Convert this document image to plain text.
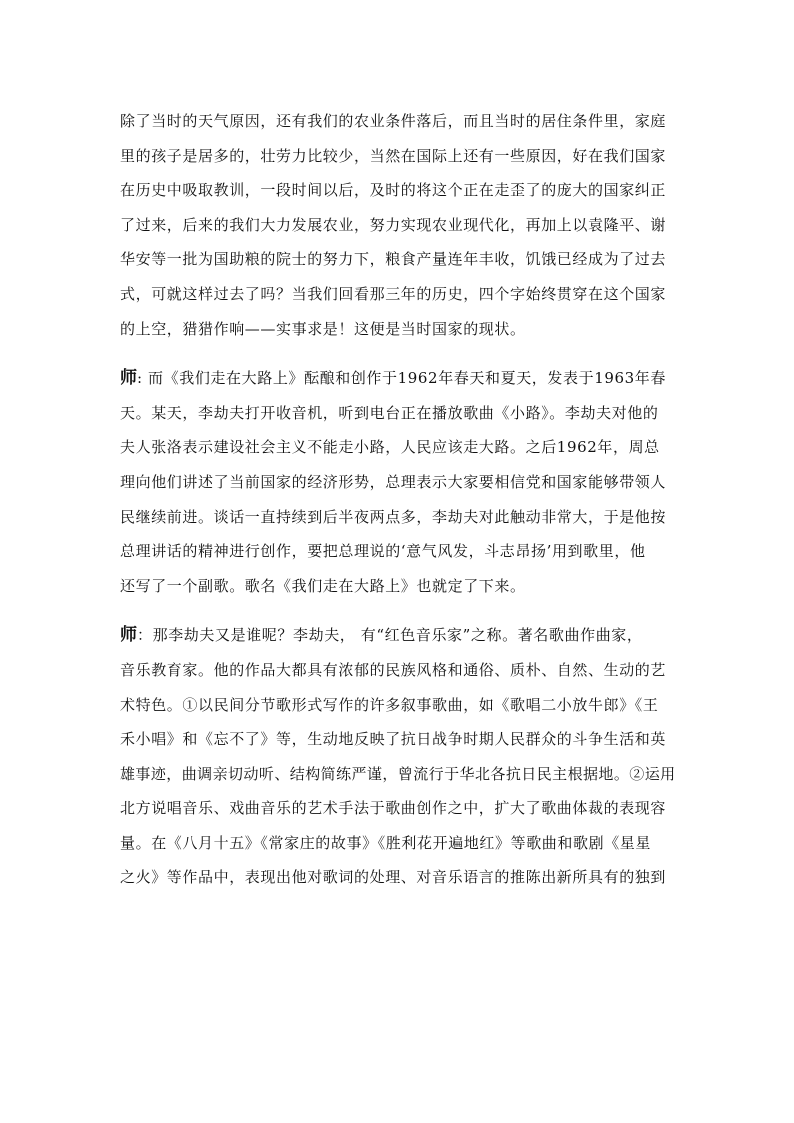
除了当时的天气原因，还有我们的农业条件落后，而且当时的居住条件里，家庭
里的孩子是居多的，壮劳力比较少，当然在国际上还有一些原因，好在我们国家
在历史中吸取教训，一段时间以后，及时的将这个正在走歪了的庞大的国家纠正
了过来，后来的我们大力发展农业，努力实现农业现代化，再加上以袁隆平、谢
华安等一批为国助粮的院士的努力下，粮食产量连年丰收，饥饿已经成为了过去
式，可就这样过去了吗？当我们回看那三年的历史，四个字始终贯穿在这个国家
的上空，猎猎作响——实事求是！这便是当时国家的现状。
师: 而《我们走在大路上》酝酿和创作于1962年春天和夏天，发表于1963年春
天。某天，李劫夫打开收音机，听到电台正在播放歌曲《小路》。李劫夫对他的
夫人张洛表示建设社会主义不能走小路，人民应该走大路。之后1962年，周总
理向他们讲述了当前国家的经济形势，总理表示大家要相信党和国家能够带领人
民继续前进。谈话一直持续到后半夜两点多，李劫夫对此触动非常大，于是他按
总理讲话的精神进行创作，要把总理说的‘意气风发，斗志昂扬’用到歌里，他
还写了一个副歌。歌名《我们走在大路上》也就定了下来。
师：那李劫夫又是谁呢？李劫夫， 有“红色音乐家”之称。著名歌曲作曲家，
音乐教育家。他的作品大都具有浓郁的民族风格和通俗、质朴、自然、生动的艺
术特色。①以民间分节歌形式写作的许多叙事歌曲，如《歌唱二小放牛郎》《王
禾小唱》和《忘不了》等，生动地反映了抗日战争时期人民群众的斗争生活和英
雄事迹，曲调亲切动听、结构简练严谨，曾流行于华北各抗日民主根据地。②运用
北方说唱音乐、戏曲音乐的艺术手法于歌曲创作之中，扩大了歌曲体裁的表现容
量。在《八月十五》《常家庄的故事》《胜利花开遍地红》等歌曲和歌剧《星星
之火》等作品中，表现出他对歌词的处理、对音乐语言的推陈出新所具有的独到
